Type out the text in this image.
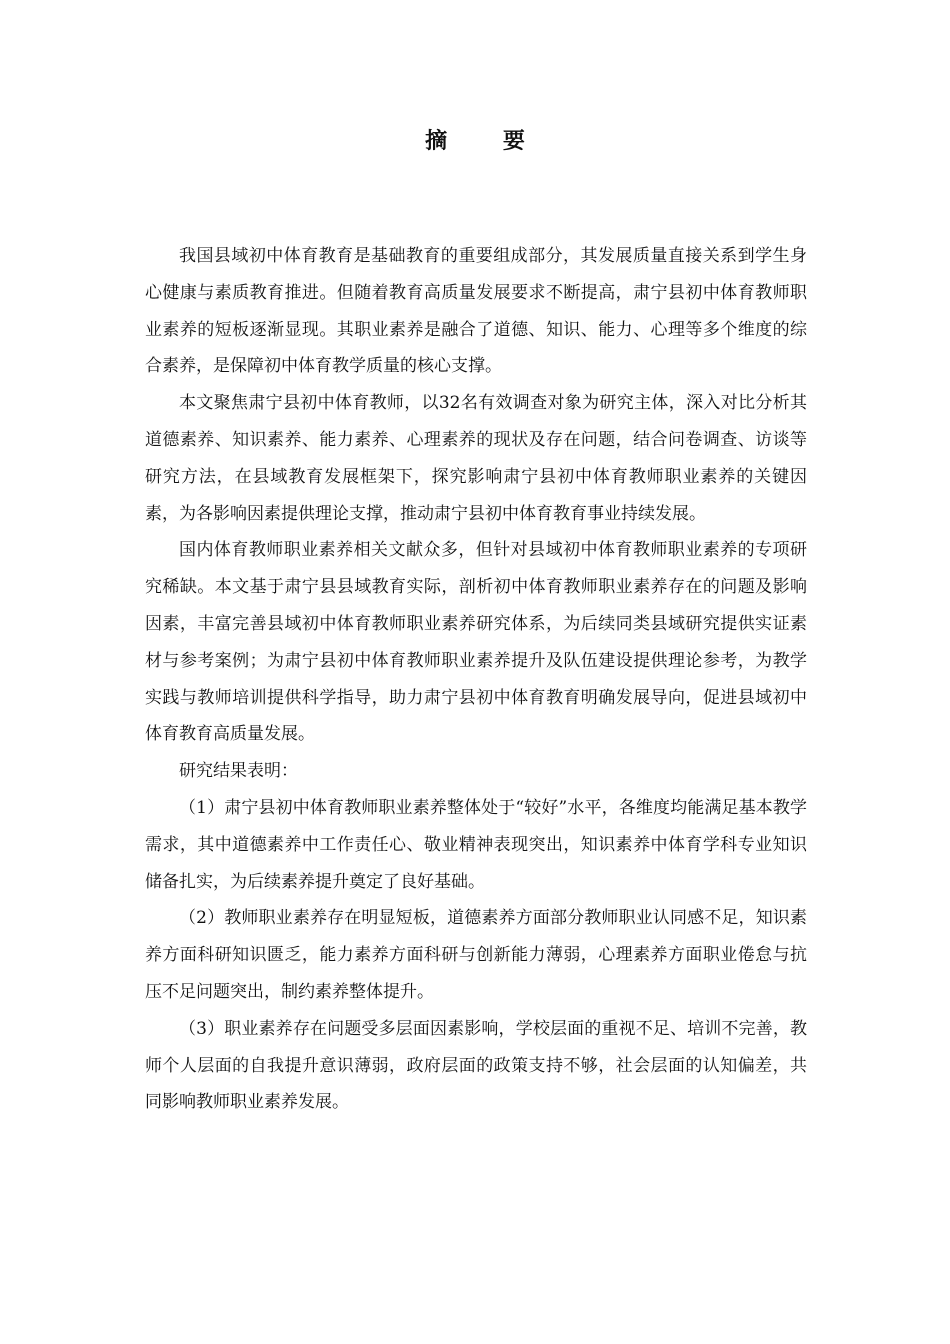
摘 要

我国县域初中体育教育是基础教育的重要组成部分，其发展质量直接关系到学生身心健康与素质教育推进。但随着教育高质量发展要求不断提高，肃宁县初中体育教师职业素养的短板逐渐显现。其职业素养是融合了道德、知识、能力、心理等多个维度的综合素养，是保障初中体育教学质量的核心支撑。

本文聚焦肃宁县初中体育教师，以32名有效调查对象为研究主体，深入对比分析其道德素养、知识素养、能力素养、心理素养的现状及存在问题，结合问卷调查、访谈等研究方法，在县域教育发展框架下，探究影响肃宁县初中体育教师职业素养的关键因素，为各影响因素提供理论支撑，推动肃宁县初中体育教育事业持续发展。

国内体育教师职业素养相关文献众多，但针对县域初中体育教师职业素养的专项研究稀缺。本文基于肃宁县县域教育实际，剖析初中体育教师职业素养存在的问题及影响因素，丰富完善县域初中体育教师职业素养研究体系，为后续同类县域研究提供实证素材与参考案例；为肃宁县初中体育教师职业素养提升及队伍建设提供理论参考，为教学实践与教师培训提供科学指导，助力肃宁县初中体育教育明确发展导向，促进县域初中体育教育高质量发展。

研究结果表明：

（1）肃宁县初中体育教师职业素养整体处于“较好”水平，各维度均能满足基本教学需求，其中道德素养中工作责任心、敬业精神表现突出，知识素养中体育学科专业知识储备扎实，为后续素养提升奠定了良好基础。

（2）教师职业素养存在明显短板，道德素养方面部分教师职业认同感不足，知识素养方面科研知识匮乏，能力素养方面科研与创新能力薄弱，心理素养方面职业倦怠与抗压不足问题突出，制约素养整体提升。

（3）职业素养存在问题受多层面因素影响，学校层面的重视不足、培训不完善，教师个人层面的自我提升意识薄弱，政府层面的政策支持不够，社会层面的认知偏差，共同影响教师职业素养发展。
